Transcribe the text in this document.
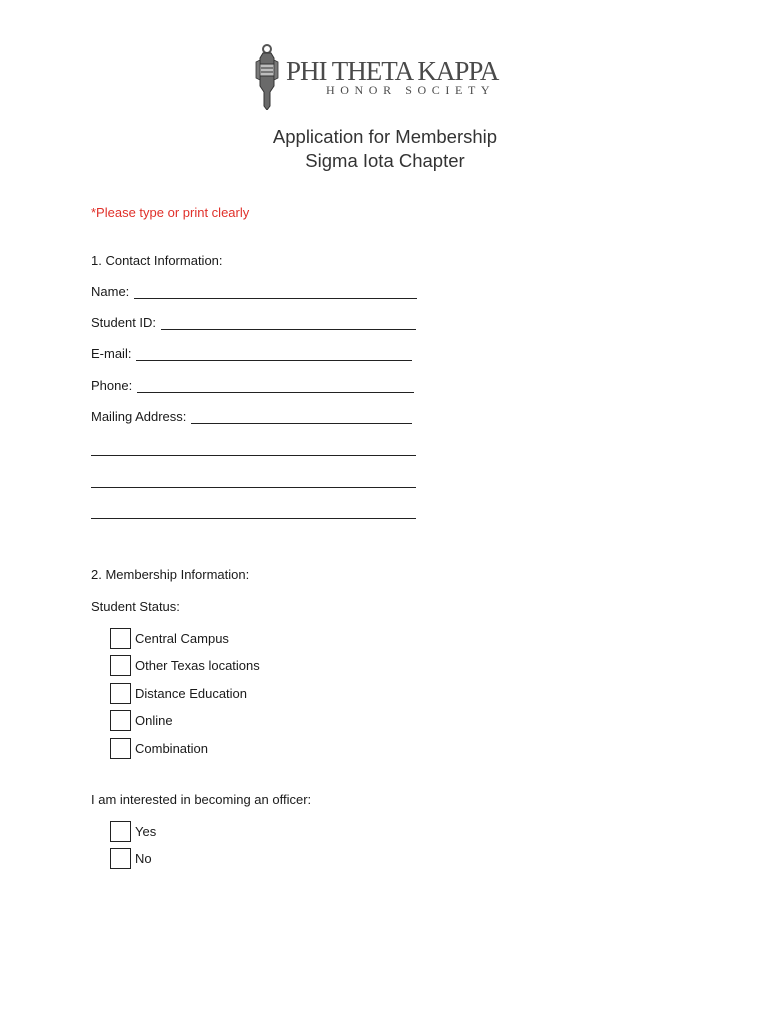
PHI THETA KAPPA
HONOR SOCIETY
Application for Membership
Sigma Iota Chapter
*Please type or print clearly
1. Contact Information:
Name:
Student ID:
E-mail:
Phone:
Mailing Address:
2. Membership Information:
Student Status:
Central Campus
Other Texas locations
Distance Education
Online
Combination
I am interested in becoming an officer:
Yes
No
